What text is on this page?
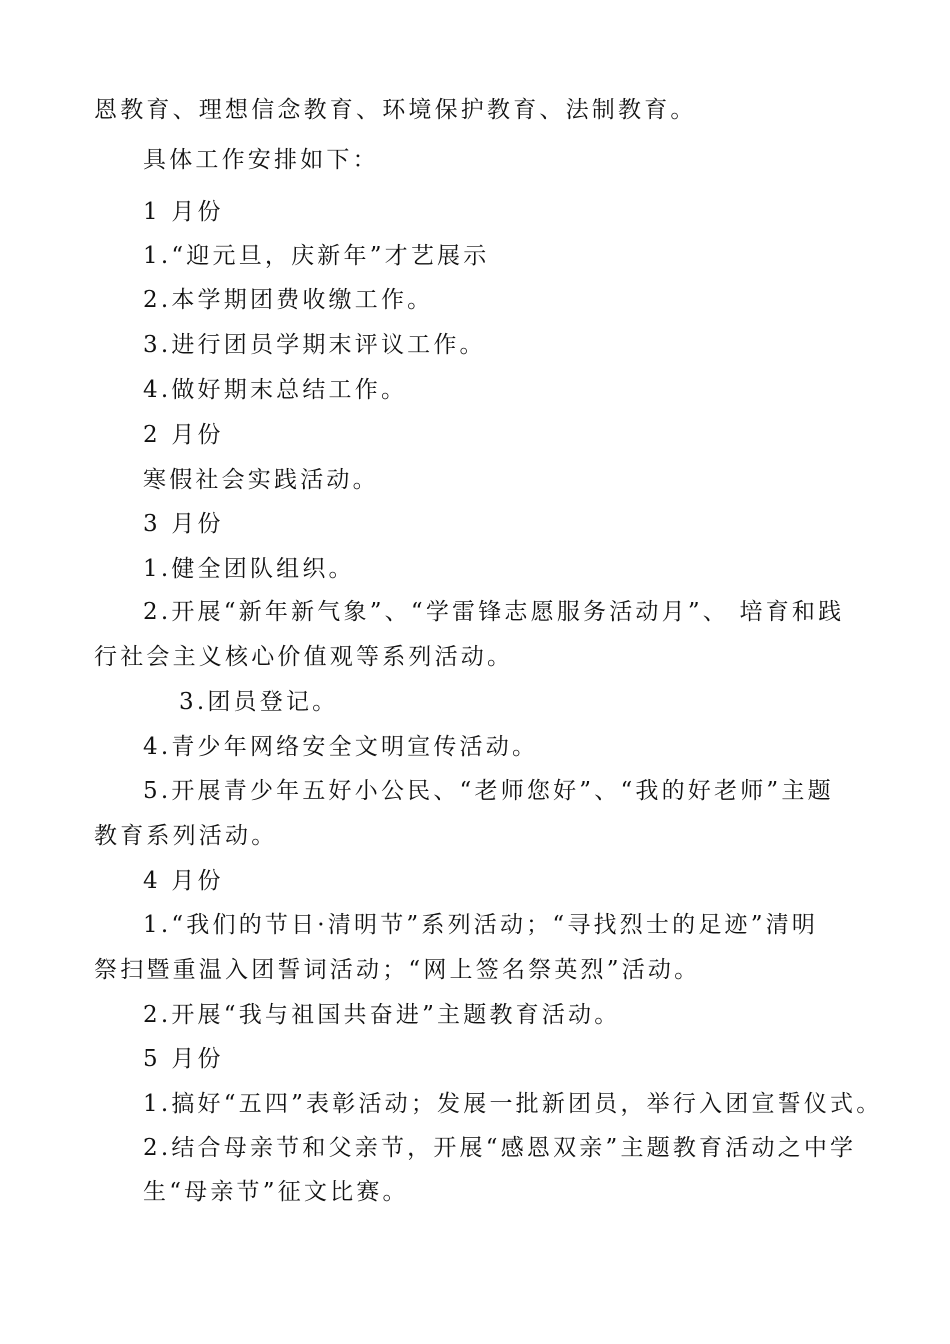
恩教育、理想信念教育、环境保护教育、法制教育。
具体工作安排如下：
1 月份
1.“迎元旦，庆新年”才艺展示
2.本学期团费收缴工作。
3.进行团员学期末评议工作。
4.做好期末总结工作。
2 月份
寒假社会实践活动。
3 月份
1.健全团队组织。
2.开展“新年新气象”、“学雷锋志愿服务活动月”、 培育和践
行社会主义核心价值观等系列活动。
3.团员登记。
4.青少年网络安全文明宣传活动。
5.开展青少年五好小公民、“老师您好”、“我的好老师”主题
教育系列活动。
4 月份
1.“我们的节日·清明节”系列活动；“寻找烈士的足迹”清明
祭扫暨重温入团誓词活动；“网上签名祭英烈”活动。
2.开展“我与祖国共奋进”主题教育活动。
5 月份
1.搞好“五四”表彰活动；发展一批新团员，举行入团宣誓仪式。
2.结合母亲节和父亲节，开展“感恩双亲”主题教育活动之中学
生“母亲节”征文比赛。
